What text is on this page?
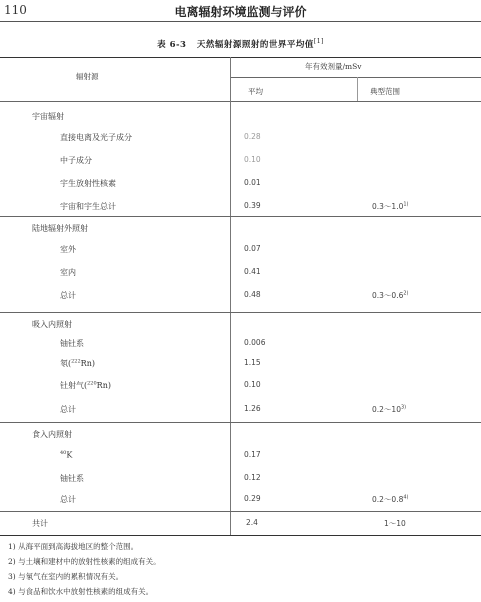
110	电离辐射环境监测与评价
表 6-3 天然辐射源照射的世界平均值[1]
辐射源
年有效剂量/mSv
平均	典型范围
宇宙辐射
直接电离及光子成分	0.28
中子成分	0.10
宇生放射性核素	0.01
宇宙和宇生总计	0.39	0.3～1.0$^{1)}$
陆地辐射外照射
室外	0.07
室内	0.41
总计	0.48	0.3～0.6$^{2)}$
吸入内照射
铀钍系	0.006
氡($^{222}$Rn)	1.15
钍射气($^{220}$Rn)	0.10
总计	1.26	0.2～10$^{3)}$
食入内照射
$^{40}$K	0.17
铀钍系	0.12
总计	0.29	0.2～0.8$^{4)}$
共计	2.4	1～10
1) 从海平面到高海拔地区的整个范围。
2) 与土壤和建材中的放射性核素的组成有关。
3) 与氡气在室内的累积情况有关。
4) 与食品和饮水中放射性核素的组成有关。
